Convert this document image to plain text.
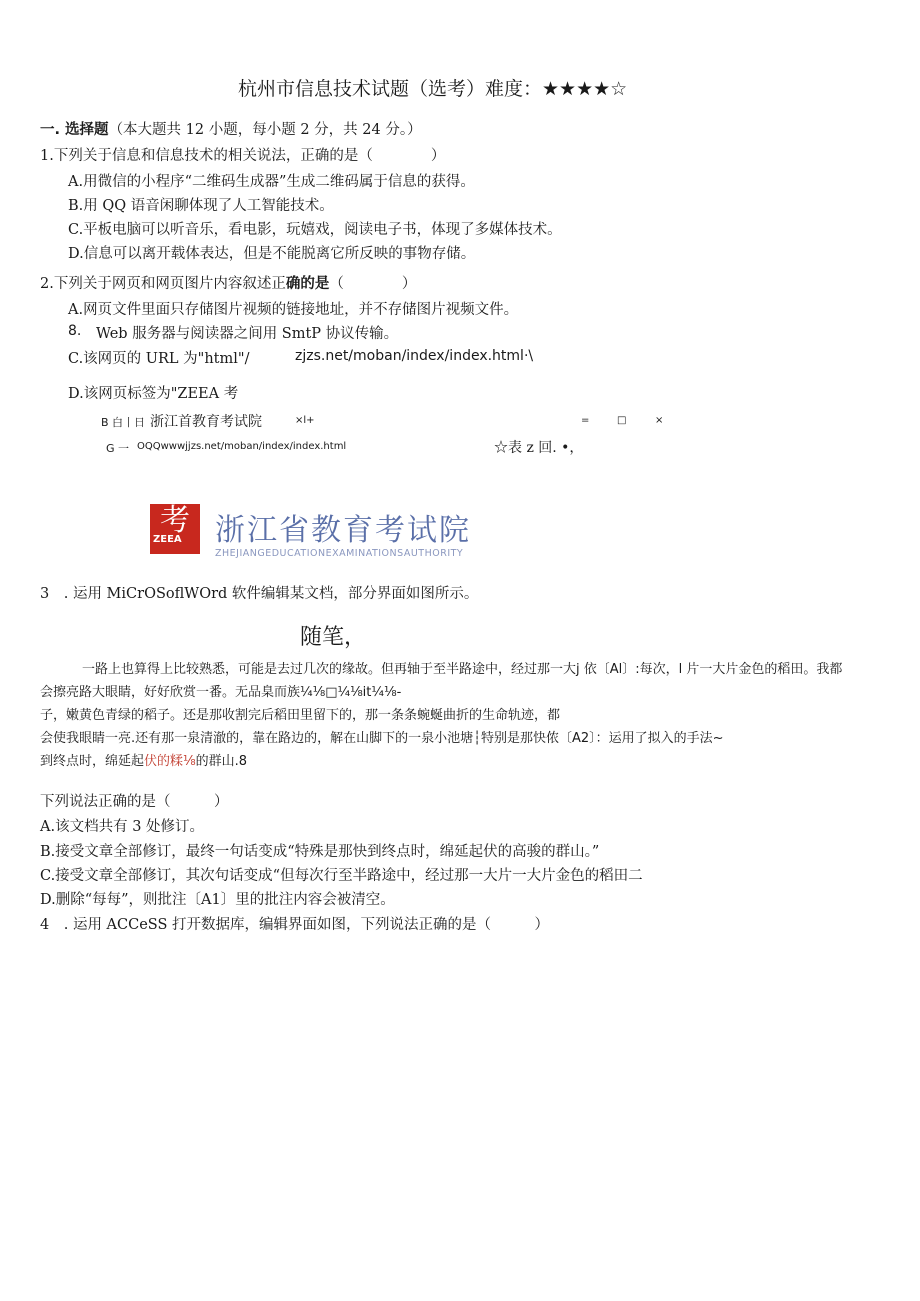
杭州市信息技术试题（选考）难度：★★★★☆
一. 选择题（本大题共 12 小题，每小题 2 分，共 24 分。）
1.下列关于信息和信息技术的相关说法，正确的是（　　　　）
A.用微信的小程序“二维码生成器”生成二维码属于信息的获得。
B.用 QQ 语音闲聊体现了人工智能技术。
C.平板电脑可以听音乐，看电影，玩嬉戏，阅读电子书，体现了多媒体技术。
D.信息可以离开载体表达，但是不能脱离它所反映的事物存储。
2.下列关于网页和网页图片内容叙述正确的是（　　　　）
A.网页文件里面只存储图片视频的链接地址，并不存储图片视频文件。
8. Web 服务器与阅读器之间用 SmtP 协议传输。
C.该网页的 URL 为"html"/	zjzs.net/moban/index/index.html·\
D.该网页标签为"ZEEA 考
B 白丨日 浙江首教育考试院	×l+	=	□	×
G 一 OQQwwwjjzs.net/moban/index/index.html	☆表 z 回. •，
考
ZEEA 浙江省教育考试院
ZHEJIANGEDUCATIONEXAMINATIONSAUTHORITY
3　. 运用 MiCrOSoflWOrd 软件编辑某文档，部分界面如图所示。
随笔，
一路上也算得上比较熟悉，可能是去过几次的缘故。但再轴于至半路途中，经过那一大j 依〔Al〕:每次，l 片一大片金色的稻田。我都
会擦亮路大眼睛，好好欣赏一番。无品臬而族¼⅛□¼⅛it¼⅛-
子，嫩黄色青绿的稻子。还是那收割完后稻田里留下的，那一条条蜿蜒曲折的生命轨迹，都
会使我眼睛一亮.还有那一泉清澈的，靠在路边的，解在山脚下的一泉小池塘┆特别是那快侬〔A2〕：运用了拟入的手法~
到终点时，绵延起伏的糅⅛的群山.8
下列说法正确的是（　　　）
A.该文档共有 3 处修订。
B.接受文章全部修订，最终一句话变成“特殊是那快到终点时，绵延起伏的高骏的群山。”
C.接受文章全部修订，其次句话变成“但每次行至半路途中，经过那一大片一大片金色的稻田二
D.删除“每每”，则批注〔A1〕里的批注内容会被清空。
4　. 运用 ACCeSS 打开数据库，编辑界面如图，下列说法正确的是（　　　）
